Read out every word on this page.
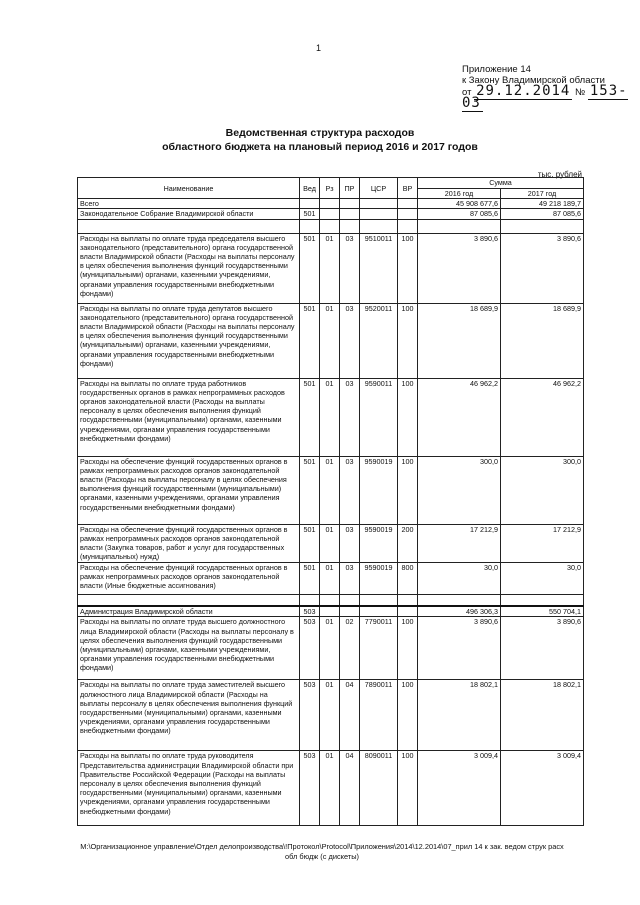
1
Приложение 14
к Закону Владимирской области
от 29.12.2014 № 153-03
Ведомственная структура расходов
областного бюджета на плановый период 2016 и 2017 годов
тыс. рублей
Наименование	Вед	Рз	ПР	ЦСР	ВР	Сумма	
						2016 год	2017 год
Всего						45 908 677,6	49 218 189,7
Законодательное Собрание Владимирской области	501					87 085,6	87 085,6

Расходы на выплаты по оплате труда председателя высшего законодательного (представительного) органа государственной власти Владимирской области (Расходы на выплаты персоналу в целях обеспечения выполнения функций государственными (муниципальными) органами, казенными учреждениями, органами управления государственными внебюджетными фондами)	501	01	03	9510011	100	3 890,6	3 890,6
Расходы на выплаты по оплате труда депутатов высшего законодательного (представительного) органа государственной власти Владимирской области (Расходы на выплаты персоналу в целях обеспечения выполнения функций государственными (муниципальными) органами, казенными учреждениями, органами управления государственными внебюджетными фондами)	501	01	03	9520011	100	18 689,9	18 689,9
Расходы на выплаты по оплате труда работников государственных органов в рамках непрограммных расходов органов законодательной власти (Расходы на выплаты персоналу в целях обеспечения выполнения функций государственными (муниципальными) органами, казенными учреждениями, органами управления государственными внебюджетными фондами)	501	01	03	9590011	100	46 962,2	46 962,2
Расходы на обеспечение функций государственных органов в рамках непрограммных расходов органов законодательной власти (Расходы на выплаты персоналу в целях обеспечения выполнения функций государственными (муниципальными) органами, казенными учреждениями, органами управления государственными внебюджетными фондами)	501	01	03	9590019	100	300,0	300,0
Расходы на обеспечение функций государственных органов в рамках непрограммных расходов органов законодательной власти (Закупка товаров, работ и услуг для государственных (муниципальных) нужд)	501	01	03	9590019	200	17 212,9	17 212,9
Расходы на обеспечение функций государственных органов в рамках непрограммных расходов органов законодательной власти (Иные бюджетные ассигнования)	501	01	03	9590019	800	30,0	30,0

Администрация Владимирской области	503					496 306,3	550 704,1
Расходы на выплаты по оплате труда высшего должностного лица Владимирской области (Расходы на выплаты персоналу в целях обеспечения выполнения функций государственными (муниципальными) органами, казенными учреждениями, органами управления государственными внебюджетными фондами)	503	01	02	7790011	100	3 890,6	3 890,6
Расходы на выплаты по оплате труда заместителей высшего должностного лица Владимирской области (Расходы на выплаты персоналу в целях обеспечения выполнения функций государственными (муниципальными) органами, казенными учреждениями, органами управления государственными внебюджетными фондами)	503	01	04	7890011	100	18 802,1	18 802,1
Расходы на выплаты по оплате труда руководителя Представительства администрации Владимирской области при Правительстве Российской Федерации (Расходы на выплаты персоналу в целях обеспечения выполнения функций государственными (муниципальными) органами, казенными учреждениями, органами управления государственными внебюджетными фондами)	503	01	04	8090011	100	3 009,4	3 009,4
M:\Организационное управление\Отдел делопроизводства\!Протокол\Protocol\Приложения\2014\12.2014\07_прил 14 к зак. ведом струк расх
обл бюдж (с дискеты)
